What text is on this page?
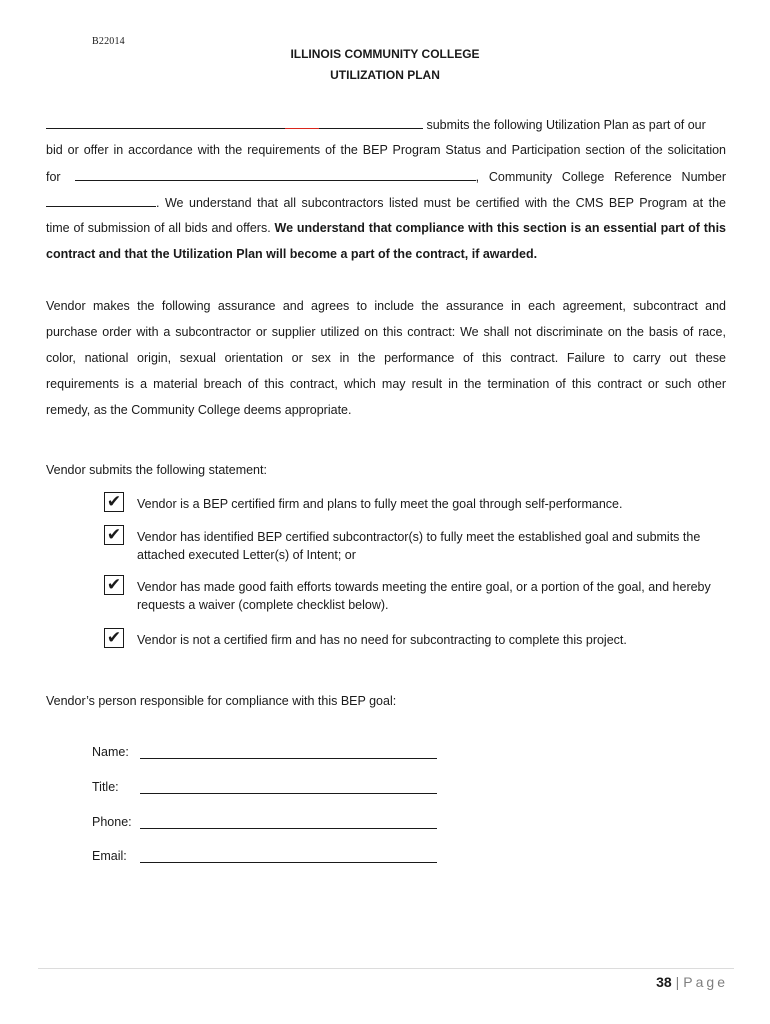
B22014
ILLINOIS COMMUNITY COLLEGE
UTILIZATION PLAN
submits the following Utilization Plan as part of our
bid or offer in accordance with the requirements of the BEP Program Status and Participation section of the solicitation
for	, Community College Reference Number
. We understand that all subcontractors listed must be certified with the CMS BEP Program at the
time of submission of all bids and offers. We understand that compliance with this section is an essential part of this
contract and that the Utilization Plan will become a part of the contract, if awarded.
Vendor makes the following assurance and agrees to include the assurance in each agreement, subcontract and
purchase order with a subcontractor or supplier utilized on this contract: We shall not discriminate on the basis of race,
color, national origin, sexual orientation or sex in the performance of this contract. Failure to carry out these
requirements is a material breach of this contract, which may result in the termination of this contract or such other
remedy, as the Community College deems appropriate.
Vendor submits the following statement:
✔ Vendor is a BEP certified firm and plans to fully meet the goal through self-performance.
✔ Vendor has identified BEP certified subcontractor(s) to fully meet the established goal and submits the attached executed Letter(s) of Intent; or
✔ Vendor has made good faith efforts towards meeting the entire goal, or a portion of the goal, and hereby requests a waiver (complete checklist below).
✔ Vendor is not a certified firm and has no need for subcontracting to complete this project.
Vendor’s person responsible for compliance with this BEP goal:
Name:
Title:
Phone:
Email:
38 | Page
